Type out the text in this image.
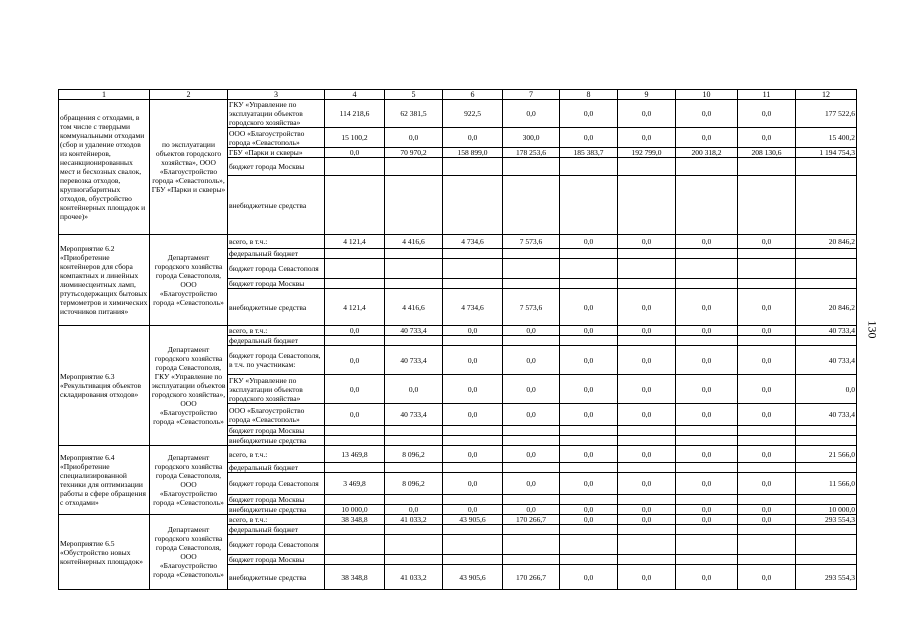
130
1	2	3	4	5	6	7	8	9	10	11	12
обращения с отходами, в том числе с твердыми коммунальными отходами (сбор и удаление отходов из контейнеров, несанкционированных мест и бесхозных свалок, перевозка отходов, крупногабаритных отходов, обустройство контейнерных площадок и прочее)»	по эксплуатации объектов городского хозяйства», ООО «Благоустройство города «Севастополь», ГБУ «Парки и скверы»	ГКУ «Управление по эксплуатации объектов городского хозяйства»	114 218,6	62 381,5	922,5	0,0	0,0	0,0	0,0	0,0	177 522,6
		ООО «Благоустройство города «Севастополь»	15 100,2	0,0	0,0	300,0	0,0	0,0	0,0	0,0	15 400,2
		ГБУ «Парки и скверы»	0,0	70 970,2	158 899,0	178 253,6	185 383,7	192 799,0	200 318,2	208 130,6	1 194 754,3
		бюджет города Москвы									
		внебюджетные средства									
Мероприятие 6.2 «Приобретение контейнеров для сбора компактных и линейных люминесцентных ламп, ртутьсодержащих бытовых термометров и химических источников питания»	Департамент городского хозяйства города Севастополя, ООО «Благоустройство города «Севастополь»	всего, в т.ч.:	4 121,4	4 416,6	4 734,6	7 573,6	0,0	0,0	0,0	0,0	20 846,2
		федеральный бюджет									
		бюджет города Севастополя									
		бюджет города Москвы									
		внебюджетные средства	4 121,4	4 416,6	4 734,6	7 573,6	0,0	0,0	0,0	0,0	20 846,2
Мероприятие 6.3 «Рекультивация объектов складирования отходов»	Департамент городского хозяйства города Севастополя, ГКУ «Управление по эксплуатации объектов городского хозяйства», ООО «Благоустройство города «Севастополь»	всего, в т.ч.:	0,0	40 733,4	0,0	0,0	0,0	0,0	0,0	0,0	40 733,4
		федеральный бюджет									
		бюджет города Севастополя, в т.ч. по участникам:	0,0	40 733,4	0,0	0,0	0,0	0,0	0,0	0,0	40 733,4
		ГКУ «Управление по эксплуатации объектов городского хозяйства»	0,0	0,0	0,0	0,0	0,0	0,0	0,0	0,0	0,0
		ООО «Благоустройство города «Севастополь»	0,0	40 733,4	0,0	0,0	0,0	0,0	0,0	0,0	40 733,4
		бюджет города Москвы									
		внебюджетные средства									
Мероприятие 6.4 «Приобретение специализированной техники для оптимизации работы в сфере обращения с отходами»	Департамент городского хозяйства города Севастополя, ООО «Благоустройство города «Севастополь»	всего, в т.ч.:	13 469,8	8 096,2	0,0	0,0	0,0	0,0	0,0	0,0	21 566,0
		федеральный бюджет									
		бюджет города Севастополя	3 469,8	8 096,2	0,0	0,0	0,0	0,0	0,0	0,0	11 566,0
		бюджет города Москвы									
		внебюджетные средства	10 000,0	0,0	0,0	0,0	0,0	0,0	0,0	0,0	10 000,0
Мероприятие 6.5 «Обустройство новых контейнерных площадок»	Департамент городского хозяйства города Севастополя, ООО «Благоустройство города «Севастополь»	всего, в т.ч.:	38 348,8	41 033,2	43 905,6	170 266,7	0,0	0,0	0,0	0,0	293 554,3
		федеральный бюджет									
		бюджет города Севастополя									
		бюджет города Москвы									
		внебюджетные средства	38 348,8	41 033,2	43 905,6	170 266,7	0,0	0,0	0,0	0,0	293 554,3
